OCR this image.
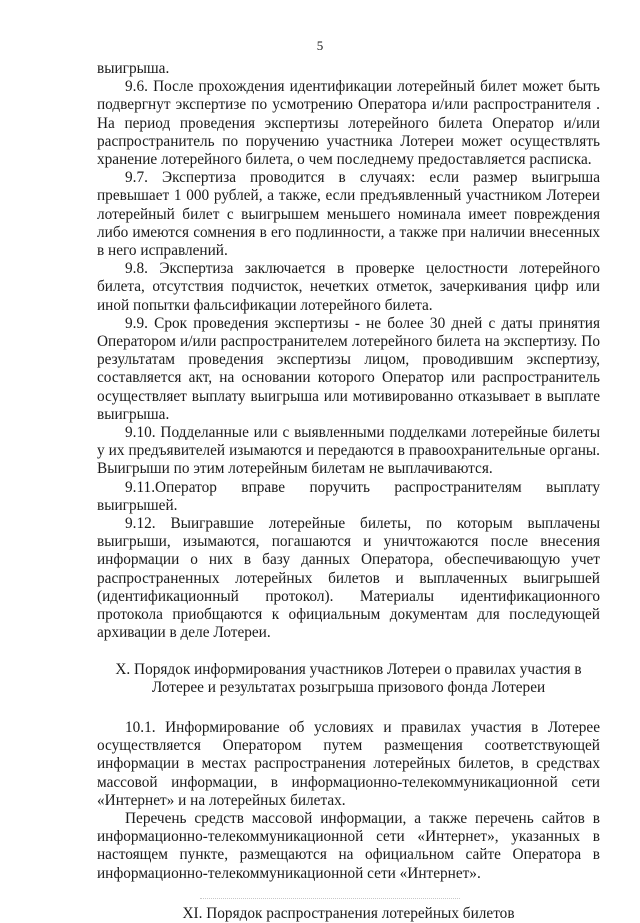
5

выигрыша.

9.6. После прохождения идентификации лотерейный билет может быть подвергнут экспертизе по усмотрению Оператора и/или распространителя . На период проведения экспертизы лотерейного билета Оператор и/или распространитель по поручению участника Лотереи может осуществлять хранение лотерейного билета, о чем последнему предоставляется расписка.

9.7. Экспертиза проводится в случаях: если размер выигрыша превышает 1 000 рублей, а также, если предъявленный участником Лотереи лотерейный билет с выигрышем меньшего номинала имеет повреждения либо имеются сомнения в его подлинности, а также при наличии внесенных в него исправлений.

9.8. Экспертиза заключается в проверке целостности лотерейного билета, отсутствия подчисток, нечетких отметок, зачеркивания цифр или иной попытки фальсификации лотерейного билета.

9.9. Срок проведения экспертизы - не более 30 дней с даты принятия Оператором и/или распространителем лотерейного билета на экспертизу. По результатам проведения экспертизы лицом, проводившим экспертизу, составляется акт, на основании которого Оператор или распространитель осуществляет выплату выигрыша или мотивированно отказывает в выплате выигрыша.

9.10. Подделанные или с выявленными подделками лотерейные билеты у их предъявителей изымаются и передаются в правоохранительные органы. Выигрыши по этим лотерейным билетам не выплачиваются.

9.11.Оператор вправе поручить распространителям выплату выигрышей.

9.12. Выигравшие лотерейные билеты, по которым выплачены выигрыши, изымаются, погашаются и уничтожаются после внесения информации о них в базу данных Оператора, обеспечивающую учет распространенных лотерейных билетов и выплаченных выигрышей (идентификационный протокол). Материалы идентификационного протокола приобщаются к официальным документам для последующей архивации в деле Лотереи.

X. Порядок информирования участников Лотереи о правилах участия в

Лотерее и результатах розыгрыша призового фонда Лотереи

10.1. Информирование об условиях и правилах участия в Лотерее осуществляется Оператором путем размещения соответствующей информации в местах распространения лотерейных билетов, в средствах массовой информации, в информационно-телекоммуникационной сети «Интернет» и на лотерейных билетах.

Перечень средств массовой информации, а также перечень сайтов в информационно-телекоммуникационной сети «Интернет», указанных в настоящем пункте, размещаются на официальном сайте Оператора в информационно-телекоммуникационной сети «Интернет».

XI. Порядок распространения лотерейных билетов
